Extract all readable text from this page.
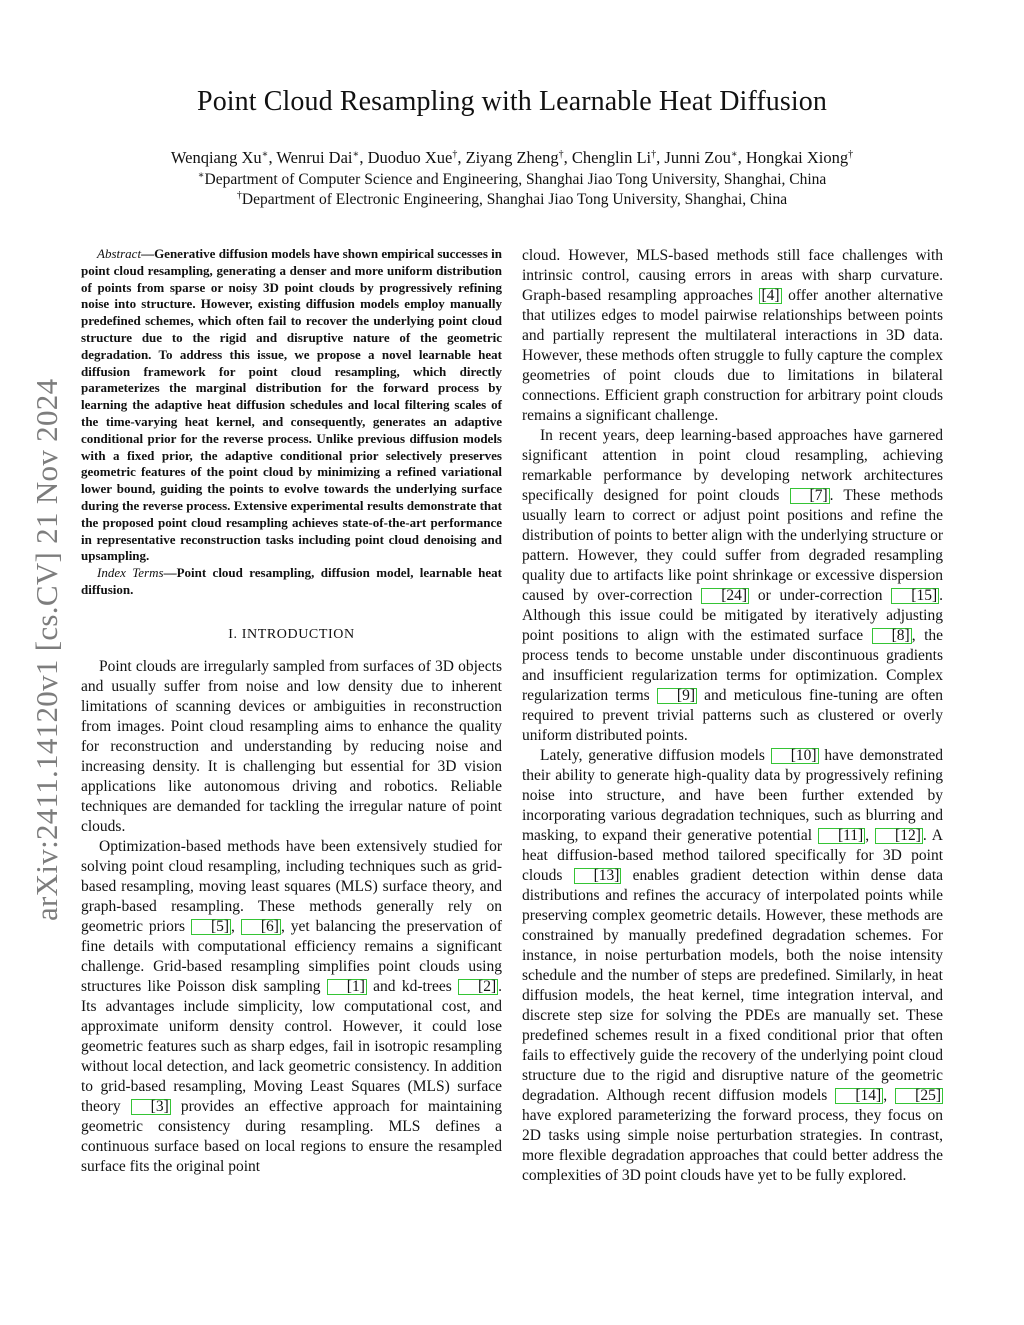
arXiv:2411.14120v1 [cs.CV] 21 Nov 2024
Point Cloud Resampling with Learnable Heat Diffusion
Wenqiang Xu∗, Wenrui Dai∗, Duoduo Xue†, Ziyang Zheng†, Chenglin Li†, Junni Zou∗, Hongkai Xiong†
∗Department of Computer Science and Engineering, Shanghai Jiao Tong University, Shanghai, China
†Department of Electronic Engineering, Shanghai Jiao Tong University, Shanghai, China

Abstract—Generative diffusion models have shown empirical successes in point cloud resampling, generating a denser and more uniform distribution of points from sparse or noisy 3D point clouds by progressively refining noise into structure. However, existing diffusion models employ manually predefined schemes, which often fail to recover the underlying point cloud structure due to the rigid and disruptive nature of the geometric degradation. To address this issue, we propose a novel learnable heat diffusion framework for point cloud resampling, which directly parameterizes the marginal distribution for the forward process by learning the adaptive heat diffusion schedules and local filtering scales of the time-varying heat kernel, and consequently, generates an adaptive conditional prior for the reverse process. Unlike previous diffusion models with a fixed prior, the adaptive conditional prior selectively preserves geometric features of the point cloud by minimizing a refined variational lower bound, guiding the points to evolve towards the underlying surface during the reverse process. Extensive experimental results demonstrate that the proposed point cloud resampling achieves state-of-the-art performance in representative reconstruction tasks including point cloud denoising and upsampling.

Index Terms—Point cloud resampling, diffusion model, learnable heat diffusion.

I. INTRODUCTION

Point clouds are irregularly sampled from surfaces of 3D objects and usually suffer from noise and low density due to inherent limitations of scanning devices or ambiguities in reconstruction from images. Point cloud resampling aims to enhance the quality for reconstruction and understanding by reducing noise and increasing density. It is challenging but essential for 3D vision applications like autonomous driving and robotics. Reliable techniques are demanded for tackling the irregular nature of point clouds.

Optimization-based methods have been extensively studied for solving point cloud resampling, including techniques such as grid-based resampling, moving least squares (MLS) surface theory, and graph-based resampling. These methods generally rely on geometric priors [5] , [6] , yet balancing the preservation of fine details with computational efficiency remains a significant challenge. Grid-based resampling simplifies point clouds using structures like Poisson disk sampling [1] and kd-trees [2] . Its advantages include simplicity, low computational cost, and approximate uniform density control. However, it could lose geometric features such as sharp edges, fail in isotropic resampling without local detection, and lack geometric consistency. In addition to grid-based resampling, Moving Least Squares (MLS) surface theory [3] provides an effective approach for maintaining geometric consistency during resampling. MLS defines a continuous surface based on local regions to ensure the resampled surface fits the original point

cloud. However, MLS-based methods still face challenges with intrinsic control, causing errors in areas with sharp curvature. Graph-based resampling approaches [4] offer another alternative that utilizes edges to model pairwise relationships between points and partially represent the multilateral interactions in 3D data. However, these methods often struggle to fully capture the complex geometries of point clouds due to limitations in bilateral connections. Efficient graph construction for arbitrary point clouds remains a significant challenge.

In recent years, deep learning-based approaches have garnered significant attention in point cloud resampling, achieving remarkable performance by developing network architectures specifically designed for point clouds [7] . These methods usually learn to correct or adjust point positions and refine the distribution of points to better align with the underlying structure or pattern. However, they could suffer from degraded resampling quality due to artifacts like point shrinkage or excessive dispersion caused by over-correction [24] or under-correction [15] . Although this issue could be mitigated by iteratively adjusting point positions to align with the estimated surface [8] , the process tends to become unstable under discontinuous gradients and insufficient regularization terms for optimization. Complex regularization terms [9] and meticulous fine-tuning are often required to prevent trivial patterns such as clustered or overly uniform distributed points.

Lately, generative diffusion models [10] have demonstrated their ability to generate high-quality data by progressively refining noise into structure, and have been further extended by incorporating various degradation techniques, such as blurring and masking, to expand their generative potential [11] , [12] . A heat diffusion-based method tailored specifically for 3D point clouds [13] enables gradient detection within dense data distributions and refines the accuracy of interpolated points while preserving complex geometric details. However, these methods are constrained by manually predefined degradation schemes. For instance, in noise perturbation models, both the noise intensity schedule and the number of steps are predefined. Similarly, in heat diffusion models, the heat kernel, time integration interval, and discrete step size for solving the PDEs are manually set. These predefined schemes result in a fixed conditional prior that often fails to effectively guide the recovery of the underlying point cloud structure due to the rigid and disruptive nature of the geometric degradation. Although recent diffusion models [14] , [25] have explored parameterizing the forward process, they focus on 2D tasks using simple noise perturbation strategies. In contrast, more flexible degradation approaches that could better address the complexities of 3D point clouds have yet to be fully explored.
